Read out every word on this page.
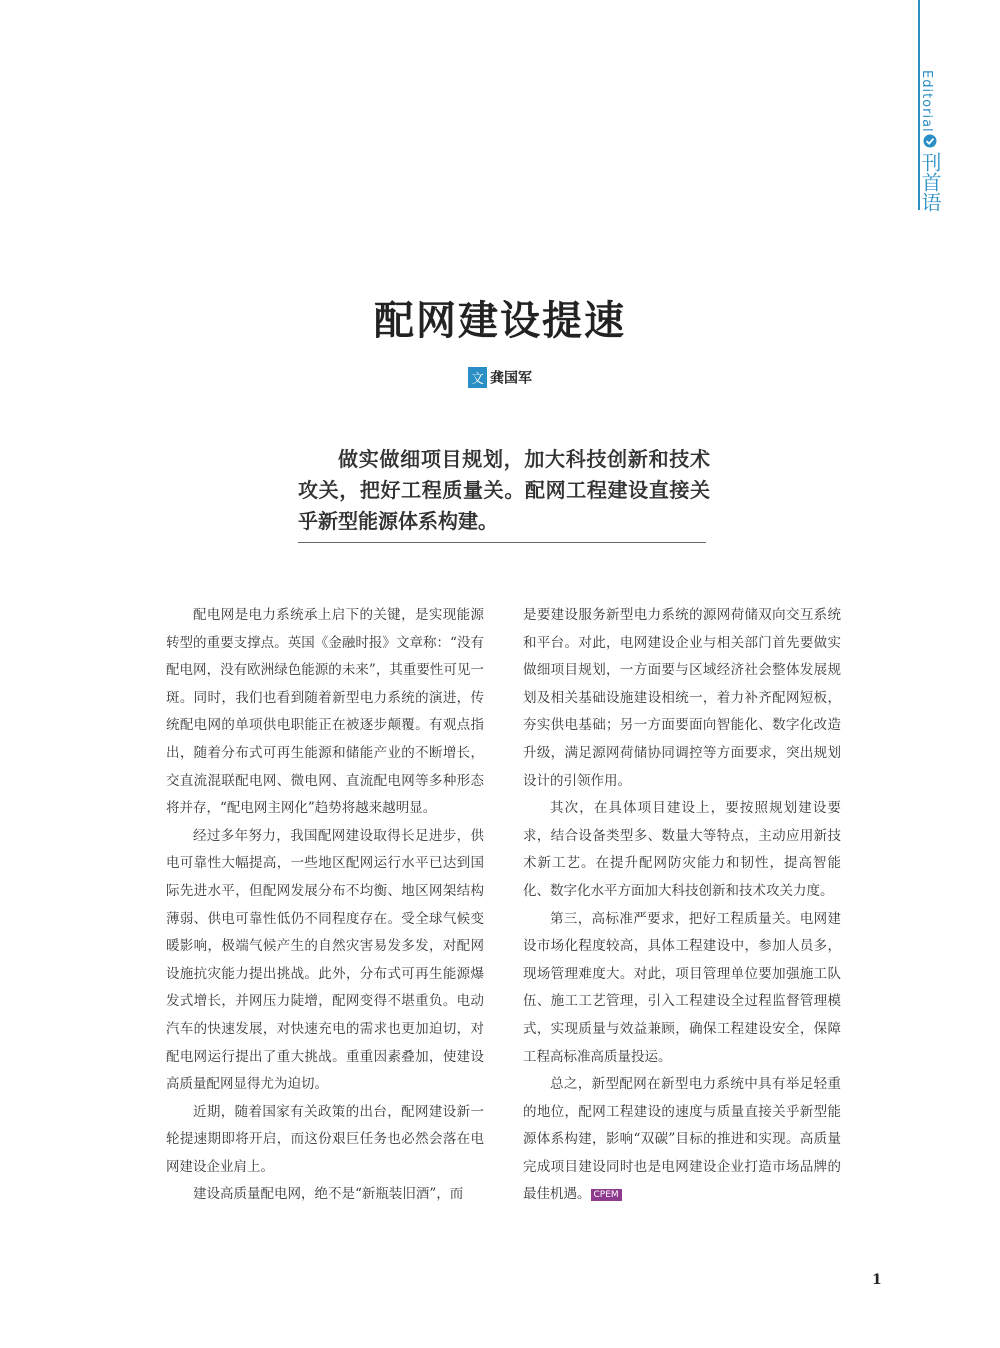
Editorial
刊首语
配网建设提速
文 龚国军

做实做细项目规划，加大科技创新和技术攻关，把好工程质量关。配网工程建设直接关乎新型能源体系构建。

配电网是电力系统承上启下的关键，是实现能源转型的重要支撑点。英国《金融时报》文章称：“没有配电网，没有欧洲绿色能源的未来”，其重要性可见一斑。同时，我们也看到随着新型电力系统的演进，传统配电网的单项供电职能正在被逐步颠覆。有观点指出，随着分布式可再生能源和储能产业的不断增长，交直流混联配电网、微电网、直流配电网等多种形态将并存，“配电网主网化”趋势将越来越明显。

经过多年努力，我国配网建设取得长足进步，供电可靠性大幅提高，一些地区配网运行水平已达到国际先进水平，但配网发展分布不均衡、地区网架结构薄弱、供电可靠性低仍不同程度存在。受全球气候变暖影响，极端气候产生的自然灾害易发多发，对配网设施抗灾能力提出挑战。此外，分布式可再生能源爆发式增长，并网压力陡增，配网变得不堪重负。电动汽车的快速发展，对快速充电的需求也更加迫切，对配电网运行提出了重大挑战。重重因素叠加，使建设高质量配网显得尤为迫切。

近期，随着国家有关政策的出台，配网建设新一轮提速期即将开启，而这份艰巨任务也必然会落在电网建设企业肩上。

建设高质量配电网，绝不是“新瓶装旧酒”，而

是要建设服务新型电力系统的源网荷储双向交互系统和平台。对此，电网建设企业与相关部门首先要做实做细项目规划，一方面要与区域经济社会整体发展规划及相关基础设施建设相统一，着力补齐配网短板，夯实供电基础；另一方面要面向智能化、数字化改造升级，满足源网荷储协同调控等方面要求，突出规划设计的引领作用。

其次，在具体项目建设上，要按照规划建设要求，结合设备类型多、数量大等特点，主动应用新技术新工艺。在提升配网防灾能力和韧性，提高智能化、数字化水平方面加大科技创新和技术攻关力度。

第三，高标准严要求，把好工程质量关。电网建设市场化程度较高，具体工程建设中，参加人员多，现场管理难度大。对此，项目管理单位要加强施工队伍、施工工艺管理，引入工程建设全过程监督管理模式，实现质量与效益兼顾，确保工程建设安全，保障工程高标准高质量投运。

总之，新型配网在新型电力系统中具有举足轻重的地位，配网工程建设的速度与质量直接关乎新型能源体系构建，影响“双碳”目标的推进和实现。高质量完成项目建设同时也是电网建设企业打造市场品牌的最佳机遇。 CPEM

1
